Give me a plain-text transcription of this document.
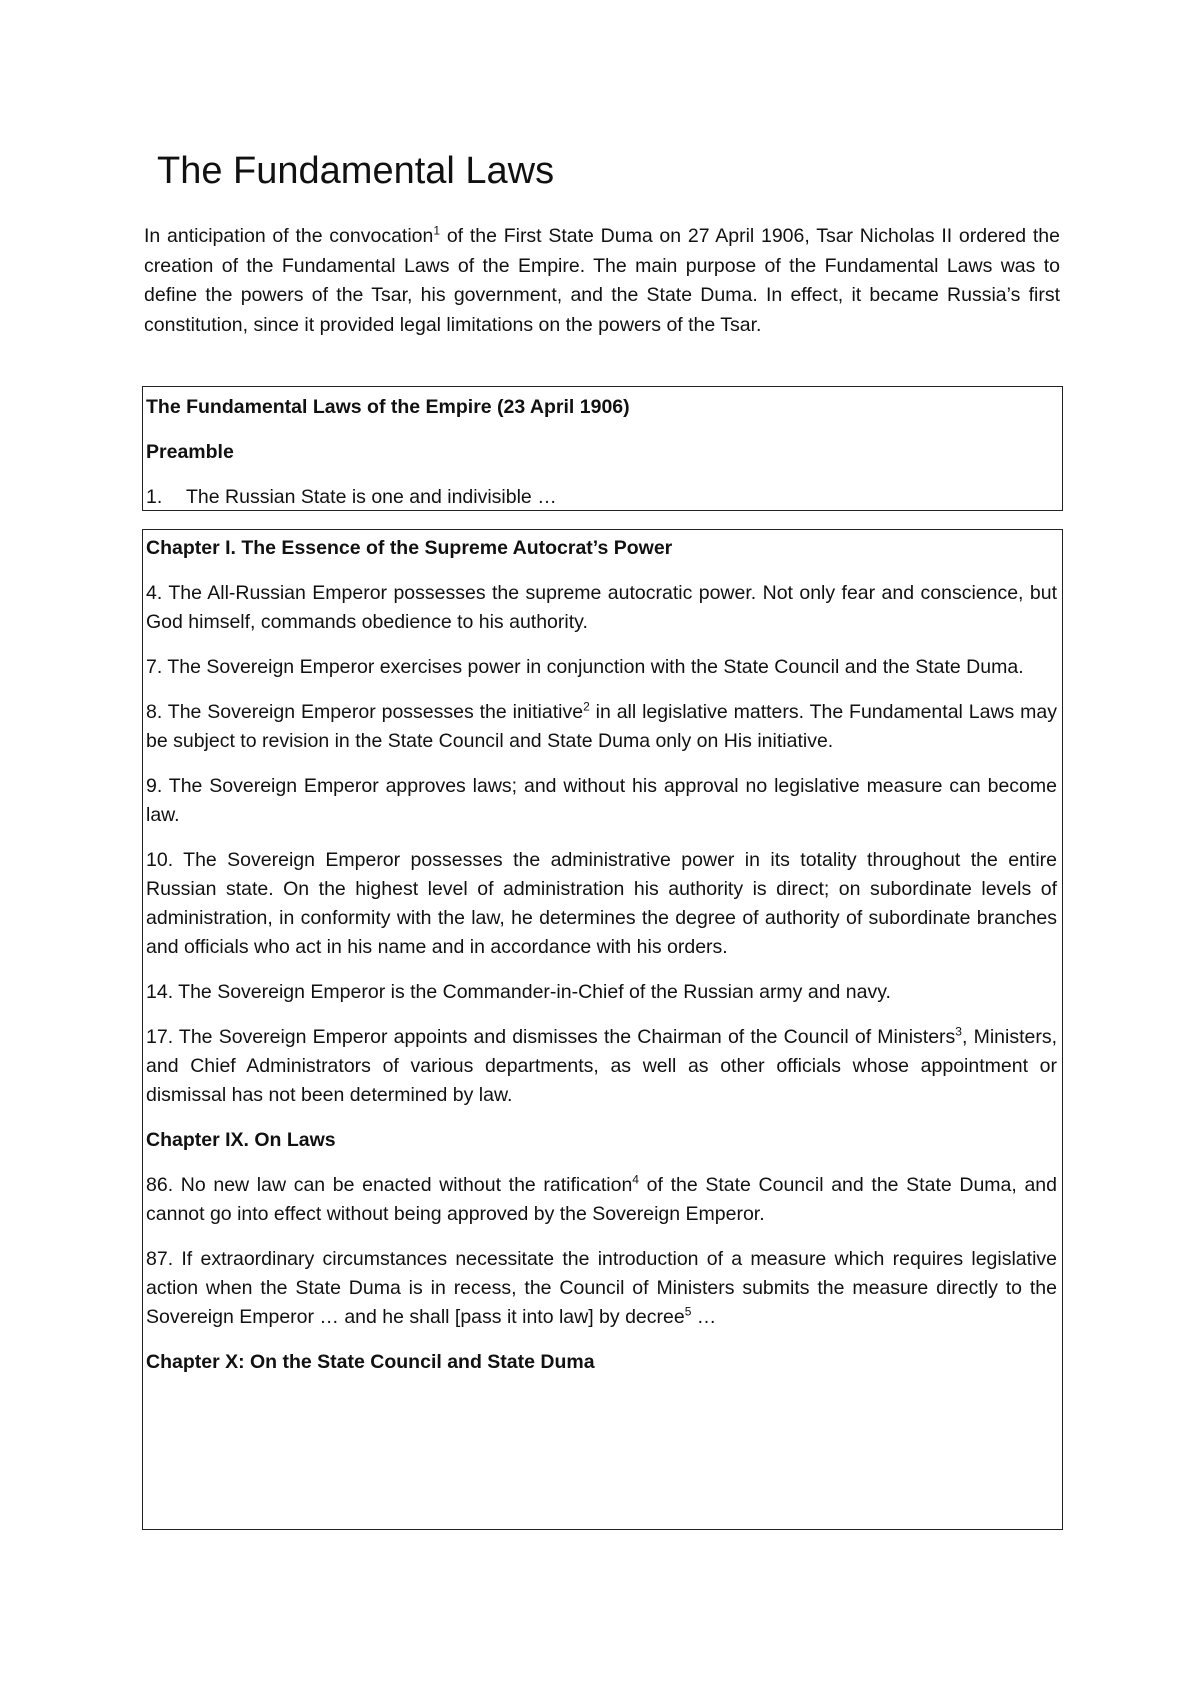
The Fundamental Laws

In anticipation of the convocation$^1$ of the First State Duma on 27 April 1906, Tsar Nicholas II ordered the creation of the Fundamental Laws of the Empire. The main purpose of the Fundamental Laws was to define the powers of the Tsar, his government, and the State Duma. In effect, it became Russia’s first constitution, since it provided legal limitations on the powers of the Tsar.

The Fundamental Laws of the Empire (23 April 1906)

Preamble

1. The Russian State is one and indivisible …

Chapter I. The Essence of the Supreme Autocrat’s Power

4. The All-Russian Emperor possesses the supreme autocratic power. Not only fear and conscience, but God himself, commands obedience to his authority.

7. The Sovereign Emperor exercises power in conjunction with the State Council and the State Duma.

8. The Sovereign Emperor possesses the initiative$^2$ in all legislative matters. The Fundamental Laws may be subject to revision in the State Council and State Duma only on His initiative.

9. The Sovereign Emperor approves laws; and without his approval no legislative measure can become law.

10. The Sovereign Emperor possesses the administrative power in its totality throughout the entire Russian state. On the highest level of administration his authority is direct; on subordinate levels of administration, in conformity with the law, he determines the degree of authority of subordinate branches and officials who act in his name and in accordance with his orders.

14. The Sovereign Emperor is the Commander-in-Chief of the Russian army and navy.

17. The Sovereign Emperor appoints and dismisses the Chairman of the Council of Ministers$^3$, Ministers, and Chief Administrators of various departments, as well as other officials whose appointment or dismissal has not been determined by law.

Chapter IX. On Laws

86. No new law can be enacted without the ratification$^4$ of the State Council and the State Duma, and cannot go into effect without being approved by the Sovereign Emperor.

87. If extraordinary circumstances necessitate the introduction of a measure which requires legislative action when the State Duma is in recess, the Council of Ministers submits the measure directly to the Sovereign Emperor … and he shall [pass it into law] by decree$^5$ …

Chapter X: On the State Council and State Duma
